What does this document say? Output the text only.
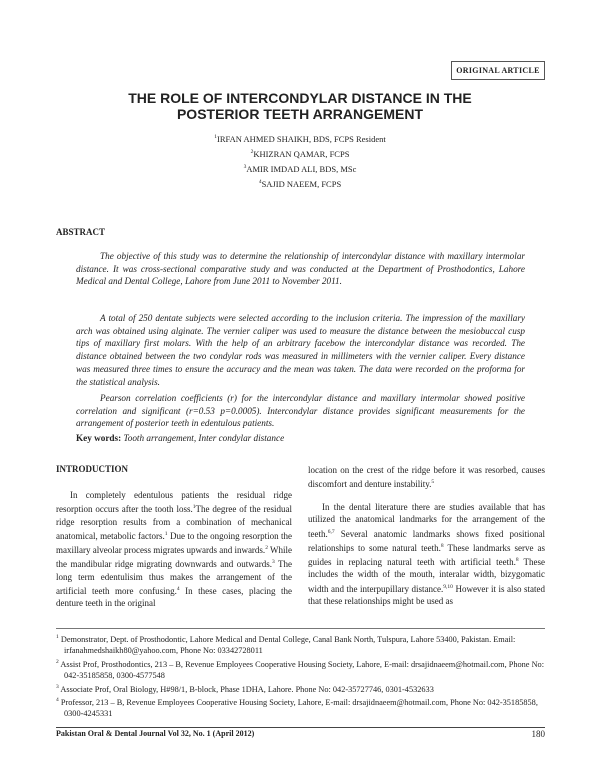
ORIGINAL ARTICLE
THE ROLE OF INTERCONDYLAR DISTANCE IN THE
POSTERIOR TEETH ARRANGEMENT
$^1$IRFAN AHMED SHAIKH, BDS, FCPS Resident
$^2$KHIZRAN QAMAR, FCPS
$^3$AMIR IMDAD ALI, BDS, MSc
$^4$SAJID NAEEM, FCPS
ABSTRACT

The objective of this study was to determine the relationship of intercondylar distance with maxillary intermolar distance. It was cross-sectional comparative study and was conducted at the Department of Prosthodontics, Lahore Medical and Dental College, Lahore from June 2011 to November 2011.

A total of 250 dentate subjects were selected according to the inclusion criteria. The impression of the maxillary arch was obtained using alginate. The vernier caliper was used to measure the distance between the mesiobuccal cusp tips of maxillary first molars. With the help of an arbitrary facebow the intercondylar distance was recorded. The distance obtained between the two condylar rods was measured in millimeters with the vernier caliper. Every distance was measured three times to ensure the accuracy and the mean was taken. The data were recorded on the proforma for the statistical analysis.

Pearson correlation coefficients (r) for the intercondylar distance and maxillary intermolar showed positive correlation and significant (r=0.53 p=0.0005). Intercondylar distance provides significant measurements for the arrangement of posterior teeth in edentulous patients.

Key words: Tooth arrangement, Inter condylar distance
INTRODUCTION

In completely edentulous patients the residual ridge resorption occurs after the tooth loss.$^1$The degree of the residual ridge resorption results from a combination of mechanical anatomical, metabolic factors.$^1$ Due to the ongoing resorption the maxillary alveolar process migrates upwards and inwards.$^2$ While the mandibular ridge migrating downwards and outwards.$^3$ The long term edentulisim thus makes the arrangement of the artificial teeth more confusing.$^4$ In these cases, placing the denture teeth in the original

location on the crest of the ridge before it was resorbed, causes discomfort and denture instability.$^5$

In the dental literature there are studies available that has utilized the anatomical landmarks for the arrangement of the teeth.$^{6,7}$ Several anatomic landmarks shows fixed positional relationships to some natural teeth.$^8$ These landmarks serve as guides in replacing natural teeth with artificial teeth.$^8$ These includes the width of the mouth, interalar width, bizygomatic width and the interpupillary distance.$^{9,10}$ However it is also stated that these relationships might be used as

$^1$ Demonstrator, Dept. of Prosthodontic, Lahore Medical and Dental College, Canal Bank North, Tulspura, Lahore 53400, Pakistan. Email: irfanahmedshaikh80@yahoo.com, Phone No: 03342728011

$^2$ Assist Prof, Prosthodontics, 213 – B, Revenue Employees Cooperative Housing Society, Lahore, E-mail: drsajidnaeem@hotmail.com, Phone No: 042-35185858, 0300-4577548

$^3$ Associate Prof, Oral Biology, H#98/1, B-block, Phase 1DHA, Lahore. Phone No: 042-35727746, 0301-4532633

$^4$ Professor, 213 – B, Revenue Employees Cooperative Housing Society, Lahore, E-mail: drsajidnaeem@hotmail.com, Phone No: 042-35185858, 0300-4245331

Pakistan Oral & Dental Journal Vol 32, No. 1 (April 2012)	180
